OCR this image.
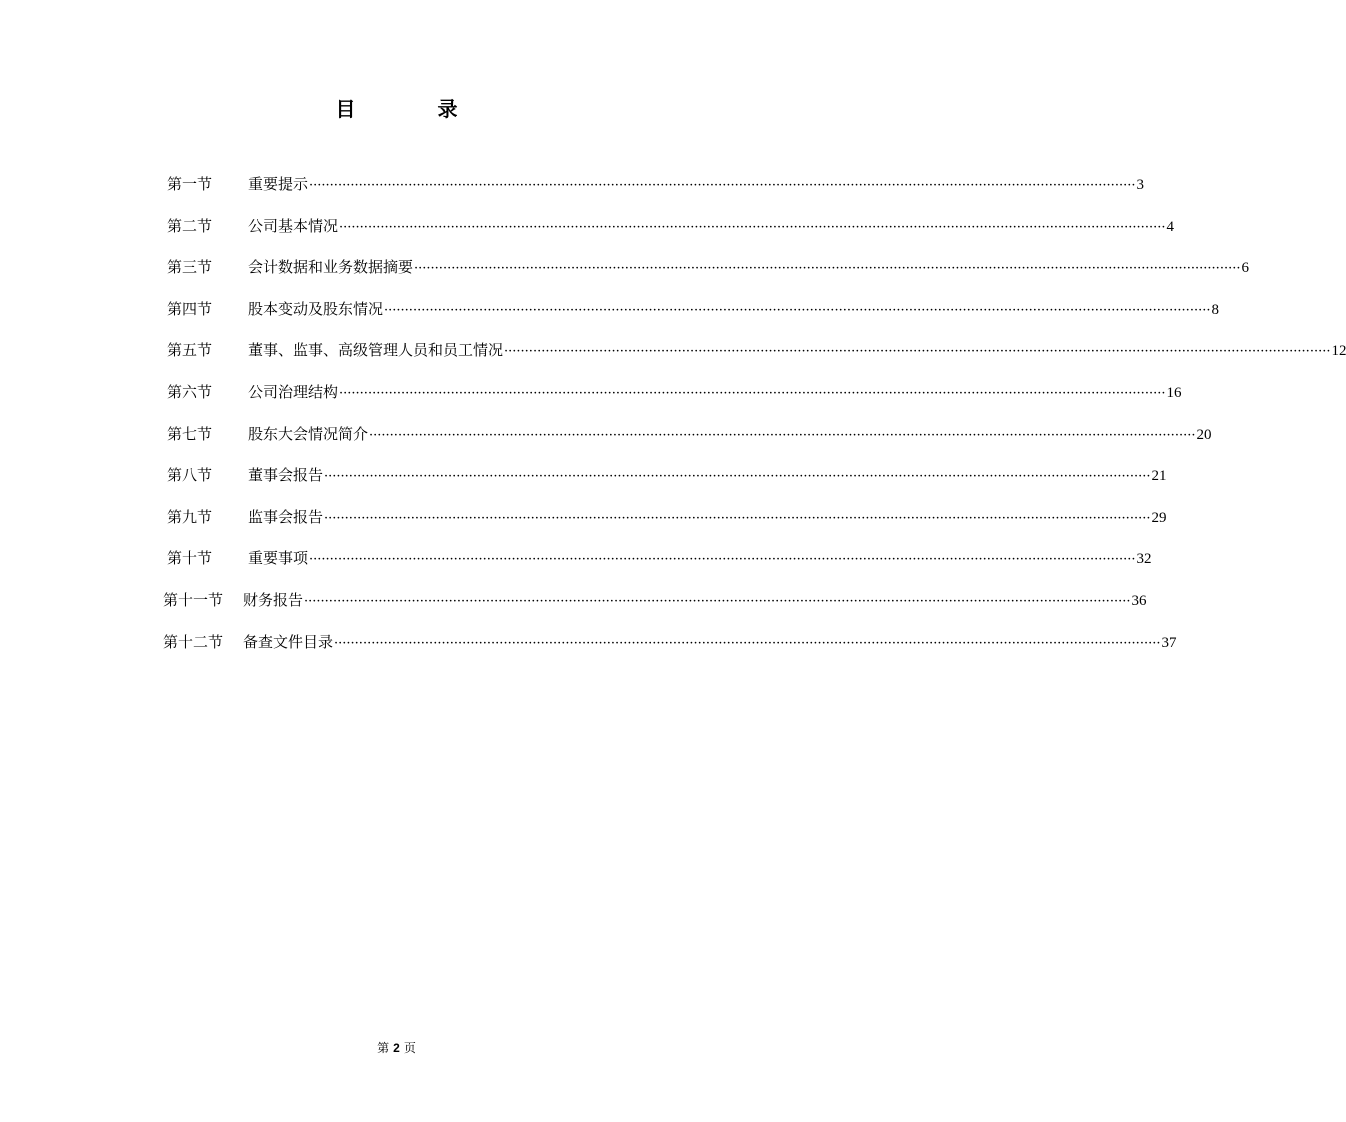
目	录
第一节 重要提示 ········································································································································································································ 3
第二节 公司基本情况 ········································································································································································································ 4
第三节 会计数据和业务数据摘要 ········································································································································································································ 6
第四节 股本变动及股东情况 ········································································································································································································ 8
第五节 董事、监事、高级管理人员和员工情况 ········································································································································································································ 12
第六节 公司治理结构 ········································································································································································································ 16
第七节 股东大会情况简介 ········································································································································································································ 20
第八节 董事会报告 ········································································································································································································ 21
第九节 监事会报告 ········································································································································································································ 29
第十节 重要事项 ········································································································································································································ 32
第十一节 财务报告 ········································································································································································································ 36
第十二节 备查文件目录 ········································································································································································································ 37
第 2 页
